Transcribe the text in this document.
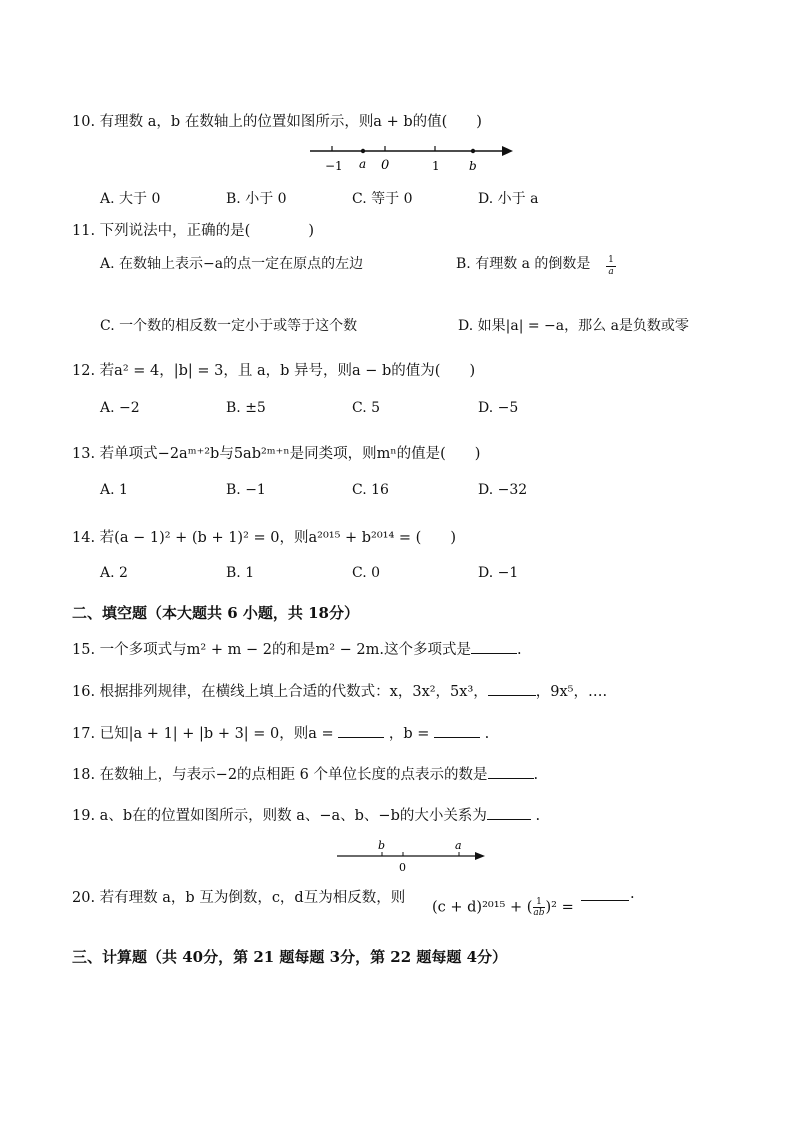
10. 有理数 a，b 在数轴上的位置如图所示，则a + b的值(　　)
−1 a 0	1 b
A. 大于 0	B. 小于 0	C. 等于 0	D. 小于 a
11. 下列说法中，正确的是(　　　　)
A. 在数轴上表示−a的点一定在原点的左边	B. 有理数 a 的倒数是 $\frac{1}{a}$
C. 一个数的相反数一定小于或等于这个数	D. 如果|a| = −a，那么 a是负数或零
12. 若a² = 4，|b| = 3，且 a，b 异号，则a − b的值为(　　)
A. −2	B. ±5	C. 5	D. −5
13. 若单项式−2aᵐ⁺²b与5ab²ᵐ⁺ⁿ是同类项，则mⁿ的值是(　　)
A. 1	B. −1	C. 16	D. −32
14. 若(a − 1)² + (b + 1)² = 0，则a²⁰¹⁵ + b²⁰¹⁴ = (　　)
A. 2	B. 1	C. 0	D. −1
二、填空题（本大题共 6 小题，共 18分）
15. 一个多项式与m² + m − 2的和是m² − 2m.这个多项式是	.
16. 根据排列规律，在横线上填上合适的代数式：x，3x²，5x³，	，9x⁵，….
17. 已知|a + 1| + |b + 3| = 0，则a =	，b =	.
18. 在数轴上，与表示−2的点相距 6 个单位长度的点表示的数是	.
19. a、b在的位置如图所示，则数 a、−a、b、−b的大小关系为	.
b
0
a
20. 若有理数 a，b 互为倒数，c，d互为相反数，则
(c + d)²⁰¹⁵ + ( $\frac{1}{ab} )^2$ =
.
三、计算题（共 40分，第 21 题每题 3分，第 22 题每题 4分）
